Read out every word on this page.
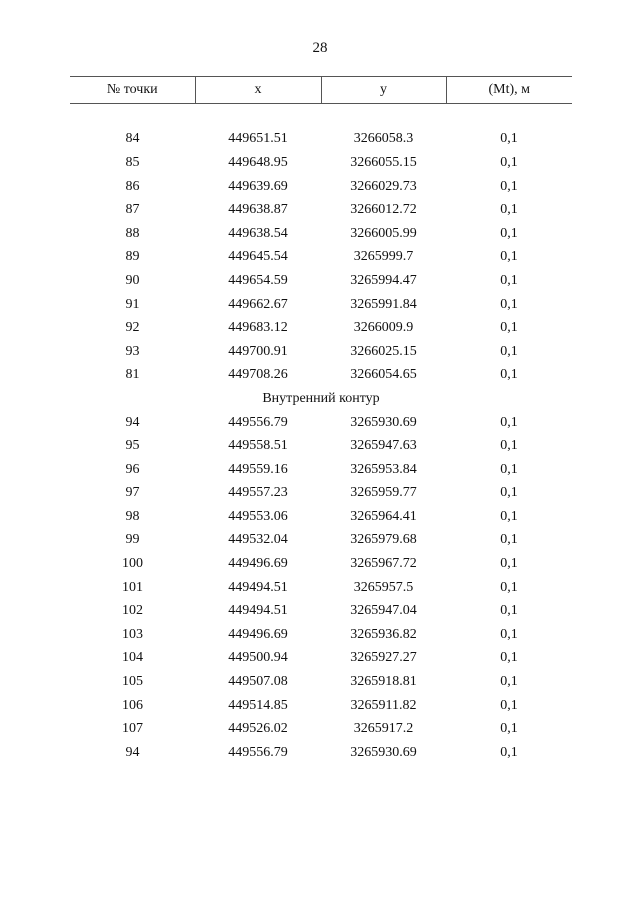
28
№ точки	x	y	(Mt), м

84	449651.51	3266058.3	0,1
85	449648.95	3266055.15	0,1
86	449639.69	3266029.73	0,1
87	449638.87	3266012.72	0,1
88	449638.54	3266005.99	0,1
89	449645.54	3265999.7	0,1
90	449654.59	3265994.47	0,1
91	449662.67	3265991.84	0,1
92	449683.12	3266009.9	0,1
93	449700.91	3266025.15	0,1
81	449708.26	3266054.65	0,1
Внутренний контур			
94	449556.79	3265930.69	0,1
95	449558.51	3265947.63	0,1
96	449559.16	3265953.84	0,1
97	449557.23	3265959.77	0,1
98	449553.06	3265964.41	0,1
99	449532.04	3265979.68	0,1
100	449496.69	3265967.72	0,1
101	449494.51	3265957.5	0,1
102	449494.51	3265947.04	0,1
103	449496.69	3265936.82	0,1
104	449500.94	3265927.27	0,1
105	449507.08	3265918.81	0,1
106	449514.85	3265911.82	0,1
107	449526.02	3265917.2	0,1
94	449556.79	3265930.69	0,1
